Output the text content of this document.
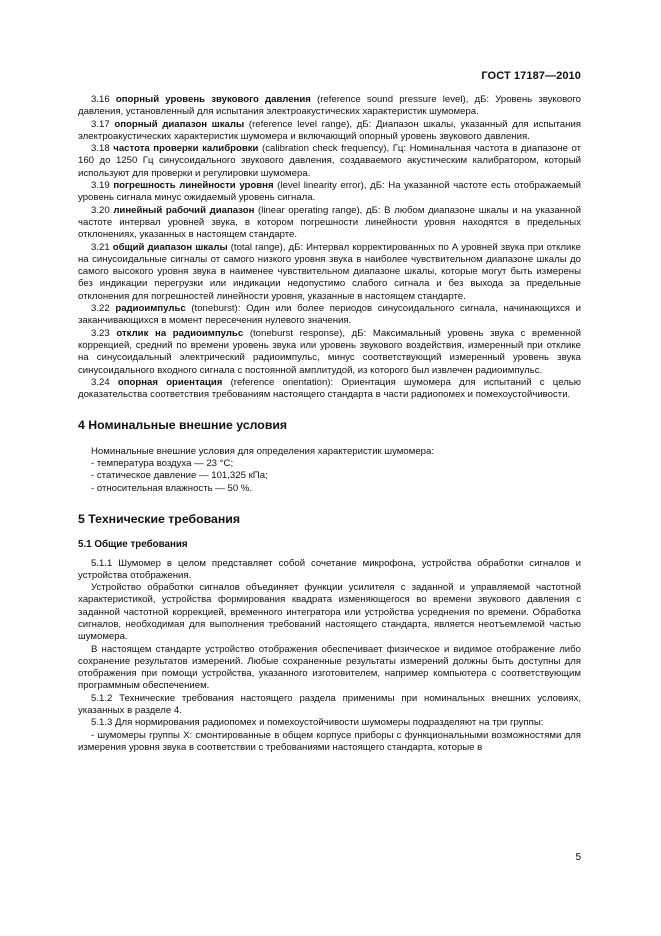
ГОСТ 17187—2010

3.16 опорный уровень звукового давления (reference sound pressure level), дБ: Уровень звукового давления, установленный для испытания электроакустических характеристик шумомера.

3.17 опорный диапазон шкалы (reference level range), дБ: Диапазон шкалы, указанный для испытания электроакустических характеристик шумомера и включающий опорный уровень звукового давления.

3.18 частота проверки калибровки (calibration check frequency), Гц: Номинальная частота в диапазоне от 160 до 1250 Гц синусоидального звукового давления, создаваемого акустическим калибратором, который используют для проверки и регулировки шумомера.

3.19 погрешность линейности уровня (level linearity error), дБ: На указанной частоте есть отображаемый уровень сигнала минус ожидаемый уровень сигнала.

3.20 линейный рабочий диапазон (linear operating range), дБ: В любом диапазоне шкалы и на указанной частоте интервал уровней звука, в котором погрешности линейности уровня находятся в предельных отклонениях, указанных в настоящем стандарте.

3.21 общий диапазон шкалы (total range), дБ: Интервал корректированных по А уровней звука при отклике на синусоидальные сигналы от самого низкого уровня звука в наиболее чувствительном диапазоне шкалы до самого высокого уровня звука в наименее чувствительном диапазоне шкалы, которые могут быть измерены без индикации перегрузки или индикации недопустимо слабого сигнала и без выхода за предельные отклонения для погрешностей линейности уровня, указанные в настоящем стандарте.

3.22 радиоимпульс (toneburst): Один или более периодов синусоидального сигнала, начинающихся и заканчивающихся в момент пересечения нулевого значения.

3.23 отклик на радиоимпульс (toneburst response), дБ: Максимальный уровень звука с временной коррекцией, средний по времени уровень звука или уровень звукового воздействия, измеренный при отклике на синусоидальный электрический радиоимпульс, минус соответствующий измеренный уровень звука синусоидального входного сигнала с постоянной амплитудой, из которого был извлечен радиоимпульс.

3.24 опорная ориентация (reference orientation): Ориентация шумомера для испытаний с целью доказательства соответствия требованиям настоящего стандарта в части радиопомех и помехоустойчивости.

4 Номинальные внешние условия

Номинальные внешние условия для определения характеристик шумомера:

- температура воздуха — 23 °С;

- статическое давление — 101,325 кПа;

- относительная влажность — 50 %.

5 Технические требования
5.1 Общие требования

5.1.1 Шумомер в целом представляет собой сочетание микрофона, устройства обработки сигналов и устройства отображения.

Устройство обработки сигналов объединяет функции усилителя с заданной и управляемой частотной характеристикой, устройства формирования квадрата изменяющегося во времени звукового давления с заданной частотной коррекцией, временного интегратора или устройства усреднения по времени. Обработка сигналов, необходимая для выполнения требований настоящего стандарта, является неотъемлемой частью шумомера.

В настоящем стандарте устройство отображения обеспечивает физическое и видимое отображение либо сохранение результатов измерений. Любые сохраненные результаты измерений должны быть доступны для отображения при помощи устройства, указанного изготовителем, например компьютера с соответствующим программным обеспечением.

5.1.2 Технические требования настоящего раздела применимы при номинальных внешних условиях, указанных в разделе 4.

5.1.3 Для нормирования радиопомех и помехоустойчивости шумомеры подразделяют на три группы:

- шумомеры группы X: смонтированные в общем корпусе приборы с функциональными возможностями для измерения уровня звука в соответствии с требованиями настоящего стандарта, которые в

5
